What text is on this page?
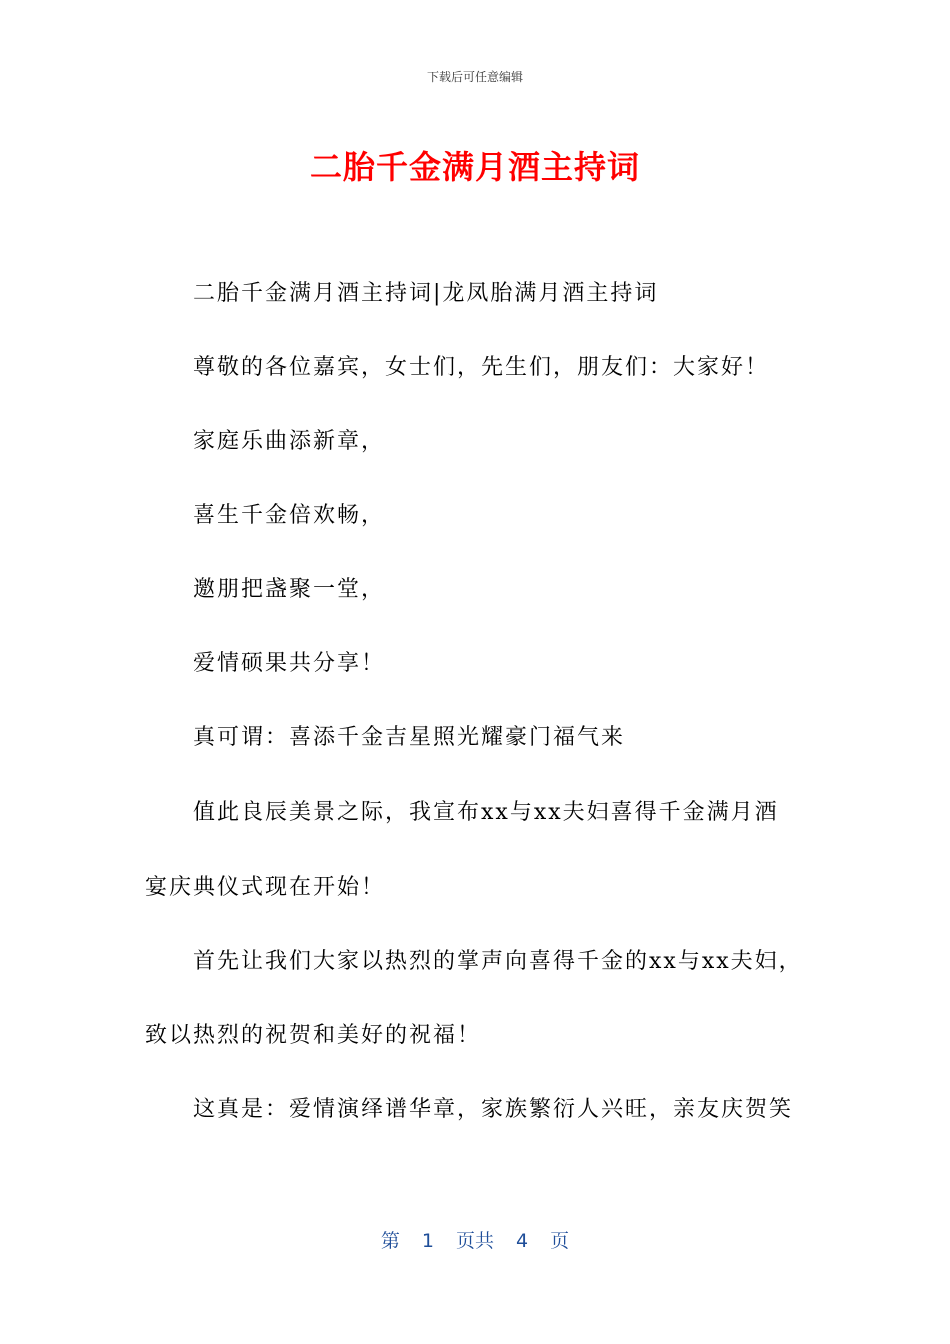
下载后可任意编辑
二胎千金满月酒主持词
二胎千金满月酒主持词|龙凤胎满月酒主持词
尊敬的各位嘉宾，女士们，先生们，朋友们：大家好！
家庭乐曲添新章，
喜生千金倍欢畅，
邀朋把盏聚一堂，
爱情硕果共分享！
真可谓：喜添千金吉星照光耀豪门福气来
值此良辰美景之际，我宣布xx与xx夫妇喜得千金满月酒
宴庆典仪式现在开始！
首先让我们大家以热烈的掌声向喜得千金的xx与xx夫妇，
致以热烈的祝贺和美好的祝福！
这真是：爱情演绎谱华章，家族繁衍人兴旺，亲友庆贺笑
第 1 页共 4 页
